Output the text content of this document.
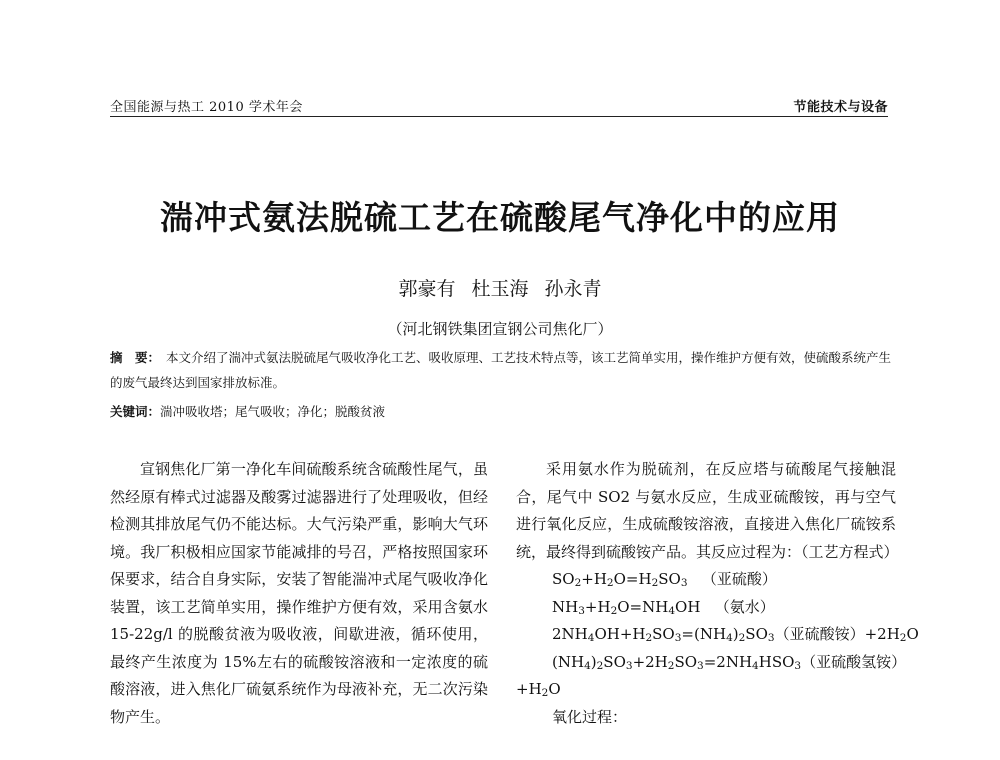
全国能源与热工 2010 学术年会	节能技术与设备
湍冲式氨法脱硫工艺在硫酸尾气净化中的应用
郭豪有 杜玉海 孙永青
（河北钢铁集团宣钢公司焦化厂）
摘　要： 本文介绍了湍冲式氨法脱硫尾气吸收净化工艺、吸收原理、工艺技术特点等，该工艺简单实用，操作维护方便有效，使硫酸系统产生的废气最终达到国家排放标准。
关键词：湍冲吸收塔；尾气吸收；净化；脱酸贫液

宣钢焦化厂第一净化车间硫酸系统含硫酸性尾气，虽然经原有棒式过滤器及酸雾过滤器进行了处理吸收，但经检测其排放尾气仍不能达标。大气污染严重，影响大气环境。我厂积极相应国家节能减排的号召，严格按照国家环保要求，结合自身实际，安装了智能湍冲式尾气吸收净化装置，该工艺简单实用，操作维护方便有效，采用含氨水 15-22g/l 的脱酸贫液为吸收液，间歇进液，循环使用，最终产生浓度为 15%左右的硫酸铵溶液和一定浓度的硫酸溶液，进入焦化厂硫氨系统作为母液补充，无二次污染物产生。

采用氨水作为脱硫剂，在反应塔与硫酸尾气接触混合，尾气中 SO2 与氨水反应，生成亚硫酸铵，再与空气进行氧化反应，生成硫酸铵溶液，直接进入焦化厂硫铵系统，最终得到硫酸铵产品。其反应过程为：（工艺方程式）

$SO_2+H_2O=H_2SO_3$ （亚硫酸）

$NH_3+H_2O=NH_4OH$   （氨水）

$2NH_4OH+H_2SO_3=(NH_4)_2SO_3$（亚硫酸铵）$+2H_2O$

$(NH_4)_2SO_3+2H_2SO_3=2NH_4HSO_3$（亚硫酸氢铵）

$+H_2O$

氧化过程：
